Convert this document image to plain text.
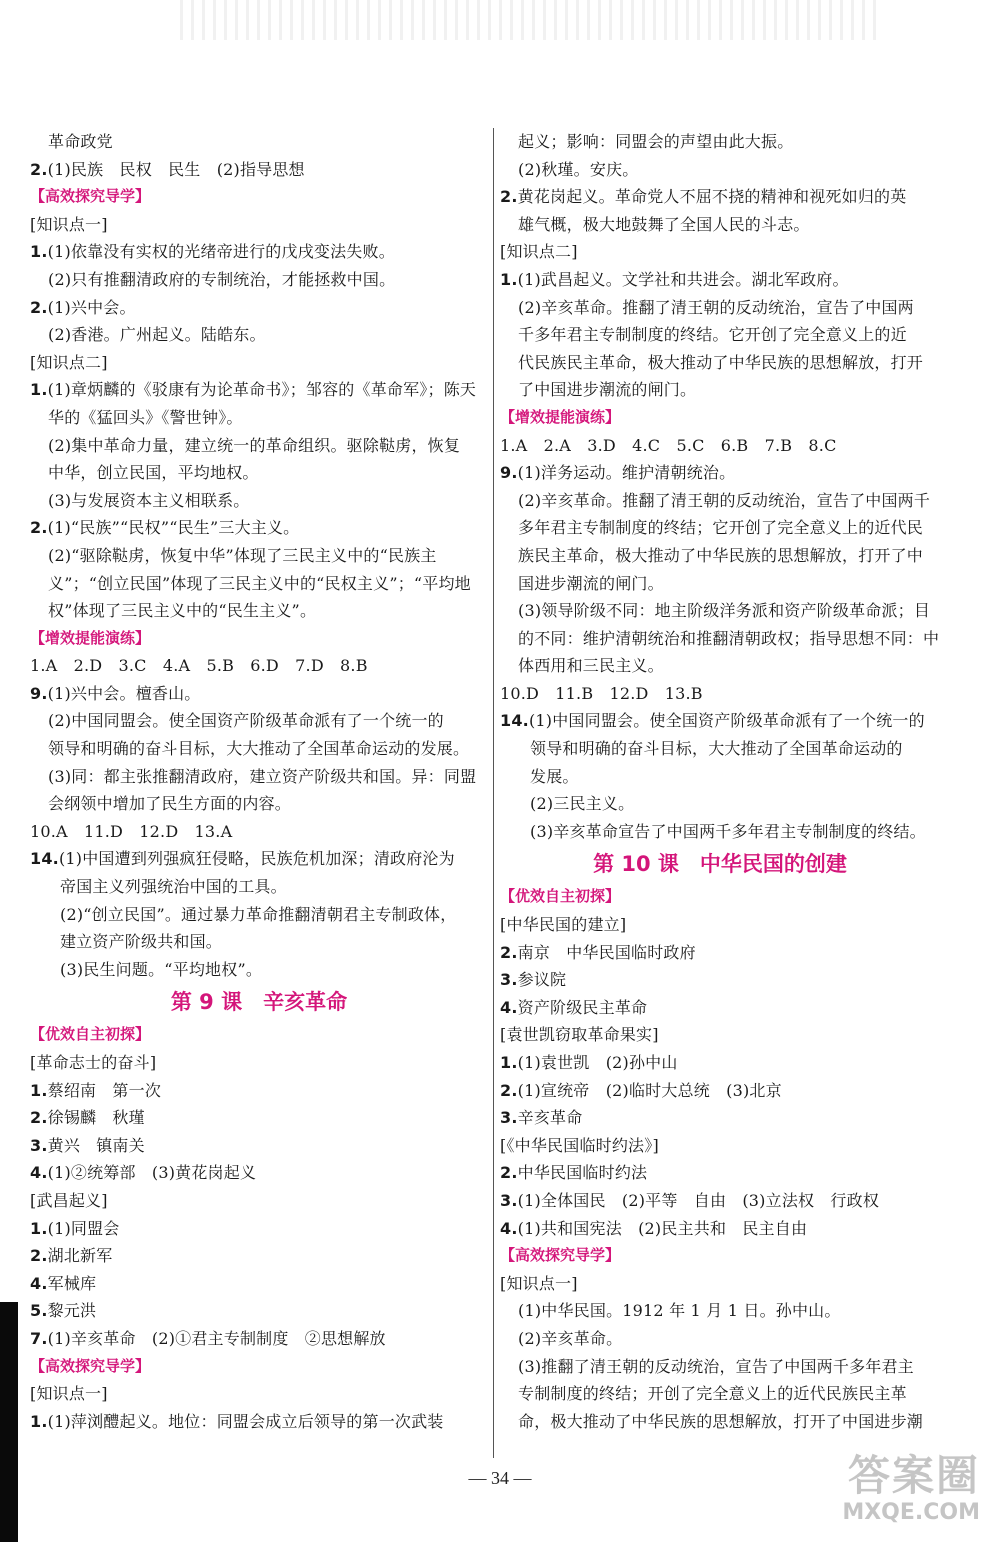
革命政党
2.(1)民族　民权　民生　(2)指导思想
【高效探究导学】
[知识点一]
1.(1)依靠没有实权的光绪帝进行的戊戌变法失败。
(2)只有推翻清政府的专制统治，才能拯救中国。
2.(1)兴中会。
(2)香港。广州起义。陆皓东。
[知识点二]
1.(1)章炳麟的《驳康有为论革命书》；邹容的《革命军》；陈天
华的《猛回头》《警世钟》。
(2)集中革命力量，建立统一的革命组织。驱除鞑虏，恢复
中华，创立民国，平均地权。
(3)与发展资本主义相联系。
2.(1)“民族”“民权”“民生”三大主义。
(2)“驱除鞑虏，恢复中华”体现了三民主义中的“民族主
义”；“创立民国”体现了三民主义中的“民权主义”；“平均地
权”体现了三民主义中的“民生主义”。
【增效提能演练】
1.A　2.D　3.C　4.A　5.B　6.D　7.D　8.B
9.(1)兴中会。檀香山。
(2)中国同盟会。使全国资产阶级革命派有了一个统一的
领导和明确的奋斗目标，大大推动了全国革命运动的发展。
(3)同：都主张推翻清政府，建立资产阶级共和国。异：同盟
会纲领中增加了民生方面的内容。
10.A　11.D　12.D　13.A
14.(1)中国遭到列强疯狂侵略，民族危机加深；清政府沦为
帝国主义列强统治中国的工具。
(2)“创立民国”。通过暴力革命推翻清朝君主专制政体，
建立资产阶级共和国。
(3)民生问题。“平均地权”。
第 9 课　辛亥革命
【优效自主初探】
[革命志士的奋斗]
1.蔡绍南　第一次
2.徐锡麟　秋瑾
3.黄兴　镇南关
4.(1)②统筹部　(3)黄花岗起义
[武昌起义]
1.(1)同盟会
2.湖北新军
4.军械库
5.黎元洪
7.(1)辛亥革命　(2)①君主专制制度　②思想解放
【高效探究导学】
[知识点一]
1.(1)萍浏醴起义。地位：同盟会成立后领导的第一次武装
起义；影响：同盟会的声望由此大振。
(2)秋瑾。安庆。
2.黄花岗起义。革命党人不屈不挠的精神和视死如归的英
雄气概，极大地鼓舞了全国人民的斗志。
[知识点二]
1.(1)武昌起义。文学社和共进会。湖北军政府。
(2)辛亥革命。推翻了清王朝的反动统治，宣告了中国两
千多年君主专制制度的终结。它开创了完全意义上的近
代民族民主革命，极大推动了中华民族的思想解放，打开
了中国进步潮流的闸门。
【增效提能演练】
1.A　2.A　3.D　4.C　5.C　6.B　7.B　8.C
9.(1)洋务运动。维护清朝统治。
(2)辛亥革命。推翻了清王朝的反动统治，宣告了中国两千
多年君主专制制度的终结；它开创了完全意义上的近代民
族民主革命，极大推动了中华民族的思想解放，打开了中
国进步潮流的闸门。
(3)领导阶级不同：地主阶级洋务派和资产阶级革命派；目
的不同：维护清朝统治和推翻清朝政权；指导思想不同：中
体西用和三民主义。
10.D　11.B　12.D　13.B
14.(1)中国同盟会。使全国资产阶级革命派有了一个统一的
领导和明确的奋斗目标，大大推动了全国革命运动的
发展。
(2)三民主义。
(3)辛亥革命宣告了中国两千多年君主专制制度的终结。
第 10 课　中华民国的创建
【优效自主初探】
[中华民国的建立]
2.南京　中华民国临时政府
3.参议院
4.资产阶级民主革命
[袁世凯窃取革命果实]
1.(1)袁世凯　(2)孙中山
2.(1)宣统帝　(2)临时大总统　(3)北京
3.辛亥革命
[《中华民国临时约法》]
2.中华民国临时约法
3.(1)全体国民　(2)平等　自由　(3)立法权　行政权
4.(1)共和国宪法　(2)民主共和　民主自由
【高效探究导学】
[知识点一]
(1)中华民国。1912 年 1 月 1 日。孙中山。
(2)辛亥革命。
(3)推翻了清王朝的反动统治，宣告了中国两千多年君主
专制制度的终结；开创了完全意义上的近代民族民主革
命，极大推动了中华民族的思想解放，打开了中国进步潮
— 34 —	答案圈
MXQE.COM
